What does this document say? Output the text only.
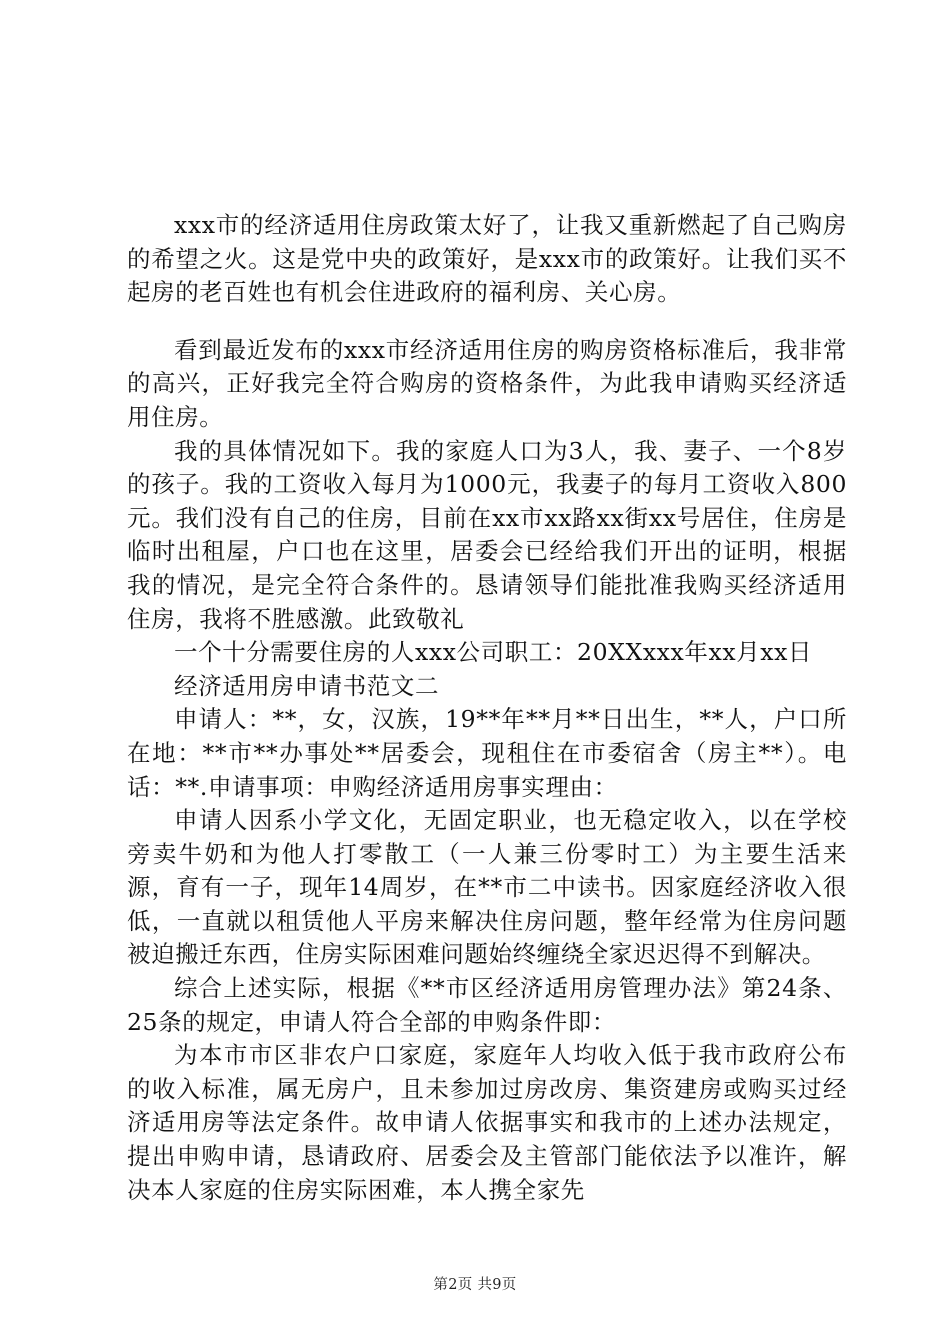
xxx市的经济适用住房政策太好了，让我又重新燃起了自己购房的希望之火。这是党中央的政策好，是xxx市的政策好。让我们买不起房的老百姓也有机会住进政府的福利房、关心房。

看到最近发布的xxx市经济适用住房的购房资格标准后，我非常的高兴，正好我完全符合购房的资格条件，为此我申请购买经济适用住房。

我的具体情况如下。我的家庭人口为3人，我、妻子、一个8岁的孩子。我的工资收入每月为1000元，我妻子的每月工资收入800元。我们没有自己的住房，目前在xx市xx路xx街xx号居住，住房是临时出租屋，户口也在这里，居委会已经给我们开出的证明，根据我的情况，是完全符合条件的。恳请领导们能批准我购买经济适用住房，我将不胜感激。此致敬礼

一个十分需要住房的人xxx公司职工：20XXxxx年xx月xx日

经济适用房申请书范文二

申请人：**，女，汉族，19**年**月**日出生，**人，户口所在地：**市**办事处**居委会，现租住在市委宿舍（房主**）。电话：**.申请事项：申购经济适用房事实理由：

申请人因系小学文化，无固定职业，也无稳定收入，以在学校旁卖牛奶和为他人打零散工（一人兼三份零时工）为主要生活来源，育有一子，现年14周岁，在**市二中读书。因家庭经济收入很低，一直就以租赁他人平房来解决住房问题，整年经常为住房问题被迫搬迁东西，住房实际困难问题始终缠绕全家迟迟得不到解决。

综合上述实际，根据《**市区经济适用房管理办法》第24条、25条的规定，申请人符合全部的申购条件即：

为本市市区非农户口家庭，家庭年人均收入低于我市政府公布的收入标准，属无房户，且未参加过房改房、集资建房或购买过经济适用房等法定条件。故申请人依据事实和我市的上述办法规定，提出申购申请，恳请政府、居委会及主管部门能依法予以准许，解决本人家庭的住房实际困难，本人携全家先

第2页 共9页
